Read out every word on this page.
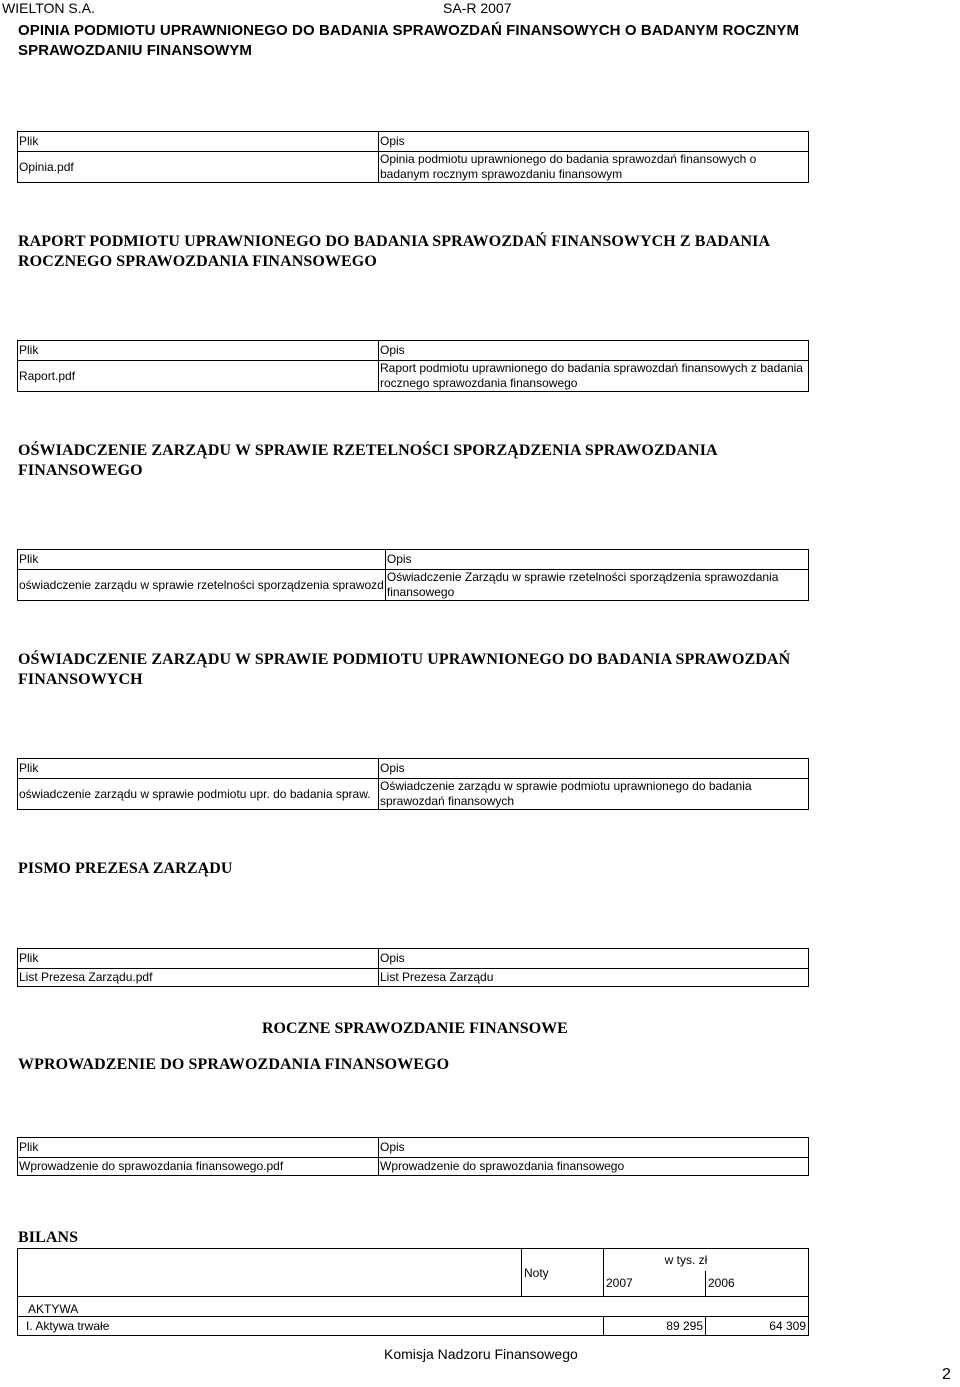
WIELTON S.A.	SA-R 2007
OPINIA PODMIOTU UPRAWNIONEGO DO BADANIA SPRAWOZDAŃ FINANSOWYCH O BADANYM ROCZNYM SPRAWOZDANIU FINANSOWYM
Plik	Opis
Opinia.pdf	Opinia podmiotu uprawnionego do badania sprawozdań finansowych o badanym rocznym sprawozdaniu finansowym
RAPORT PODMIOTU UPRAWNIONEGO DO BADANIA SPRAWOZDAŃ FINANSOWYCH Z BADANIA ROCZNEGO SPRAWOZDANIA FINANSOWEGO
Plik	Opis
Raport.pdf	Raport podmiotu uprawnionego do badania sprawozdań finansowych z badania rocznego sprawozdania finansowego
OŚWIADCZENIE ZARZĄDU W SPRAWIE RZETELNOŚCI SPORZĄDZENIA SPRAWOZDANIA FINANSOWEGO
Plik	Opis
oświadczenie zarządu w sprawie rzetelności sporządzenia sprawozd	Oświadczenie Zarządu w sprawie rzetelności sporządzenia sprawozdania finansowego
OŚWIADCZENIE ZARZĄDU W SPRAWIE PODMIOTU UPRAWNIONEGO DO BADANIA SPRAWOZDAŃ FINANSOWYCH
Plik	Opis
oświadczenie zarządu w sprawie podmiotu upr. do badania spraw.	Oświadczenie zarządu w sprawie podmiotu uprawnionego do badania sprawozdań finansowych
PISMO PREZESA ZARZĄDU
Plik	Opis
List Prezesa Zarządu.pdf	List Prezesa Zarządu
ROCZNE SPRAWOZDANIE FINANSOWE
WPROWADZENIE DO SPRAWOZDANIA FINANSOWEGO
Plik	Opis
Wprowadzenie do sprawozdania finansowego.pdf	Wprowadzenie do sprawozdania finansowego
BILANS
	Noty	w tys. zł	
		2007	2006
AKTYWA			
I. Aktywa trwałe		89 295	64 309
Komisja Nadzoru Finansowego
2
